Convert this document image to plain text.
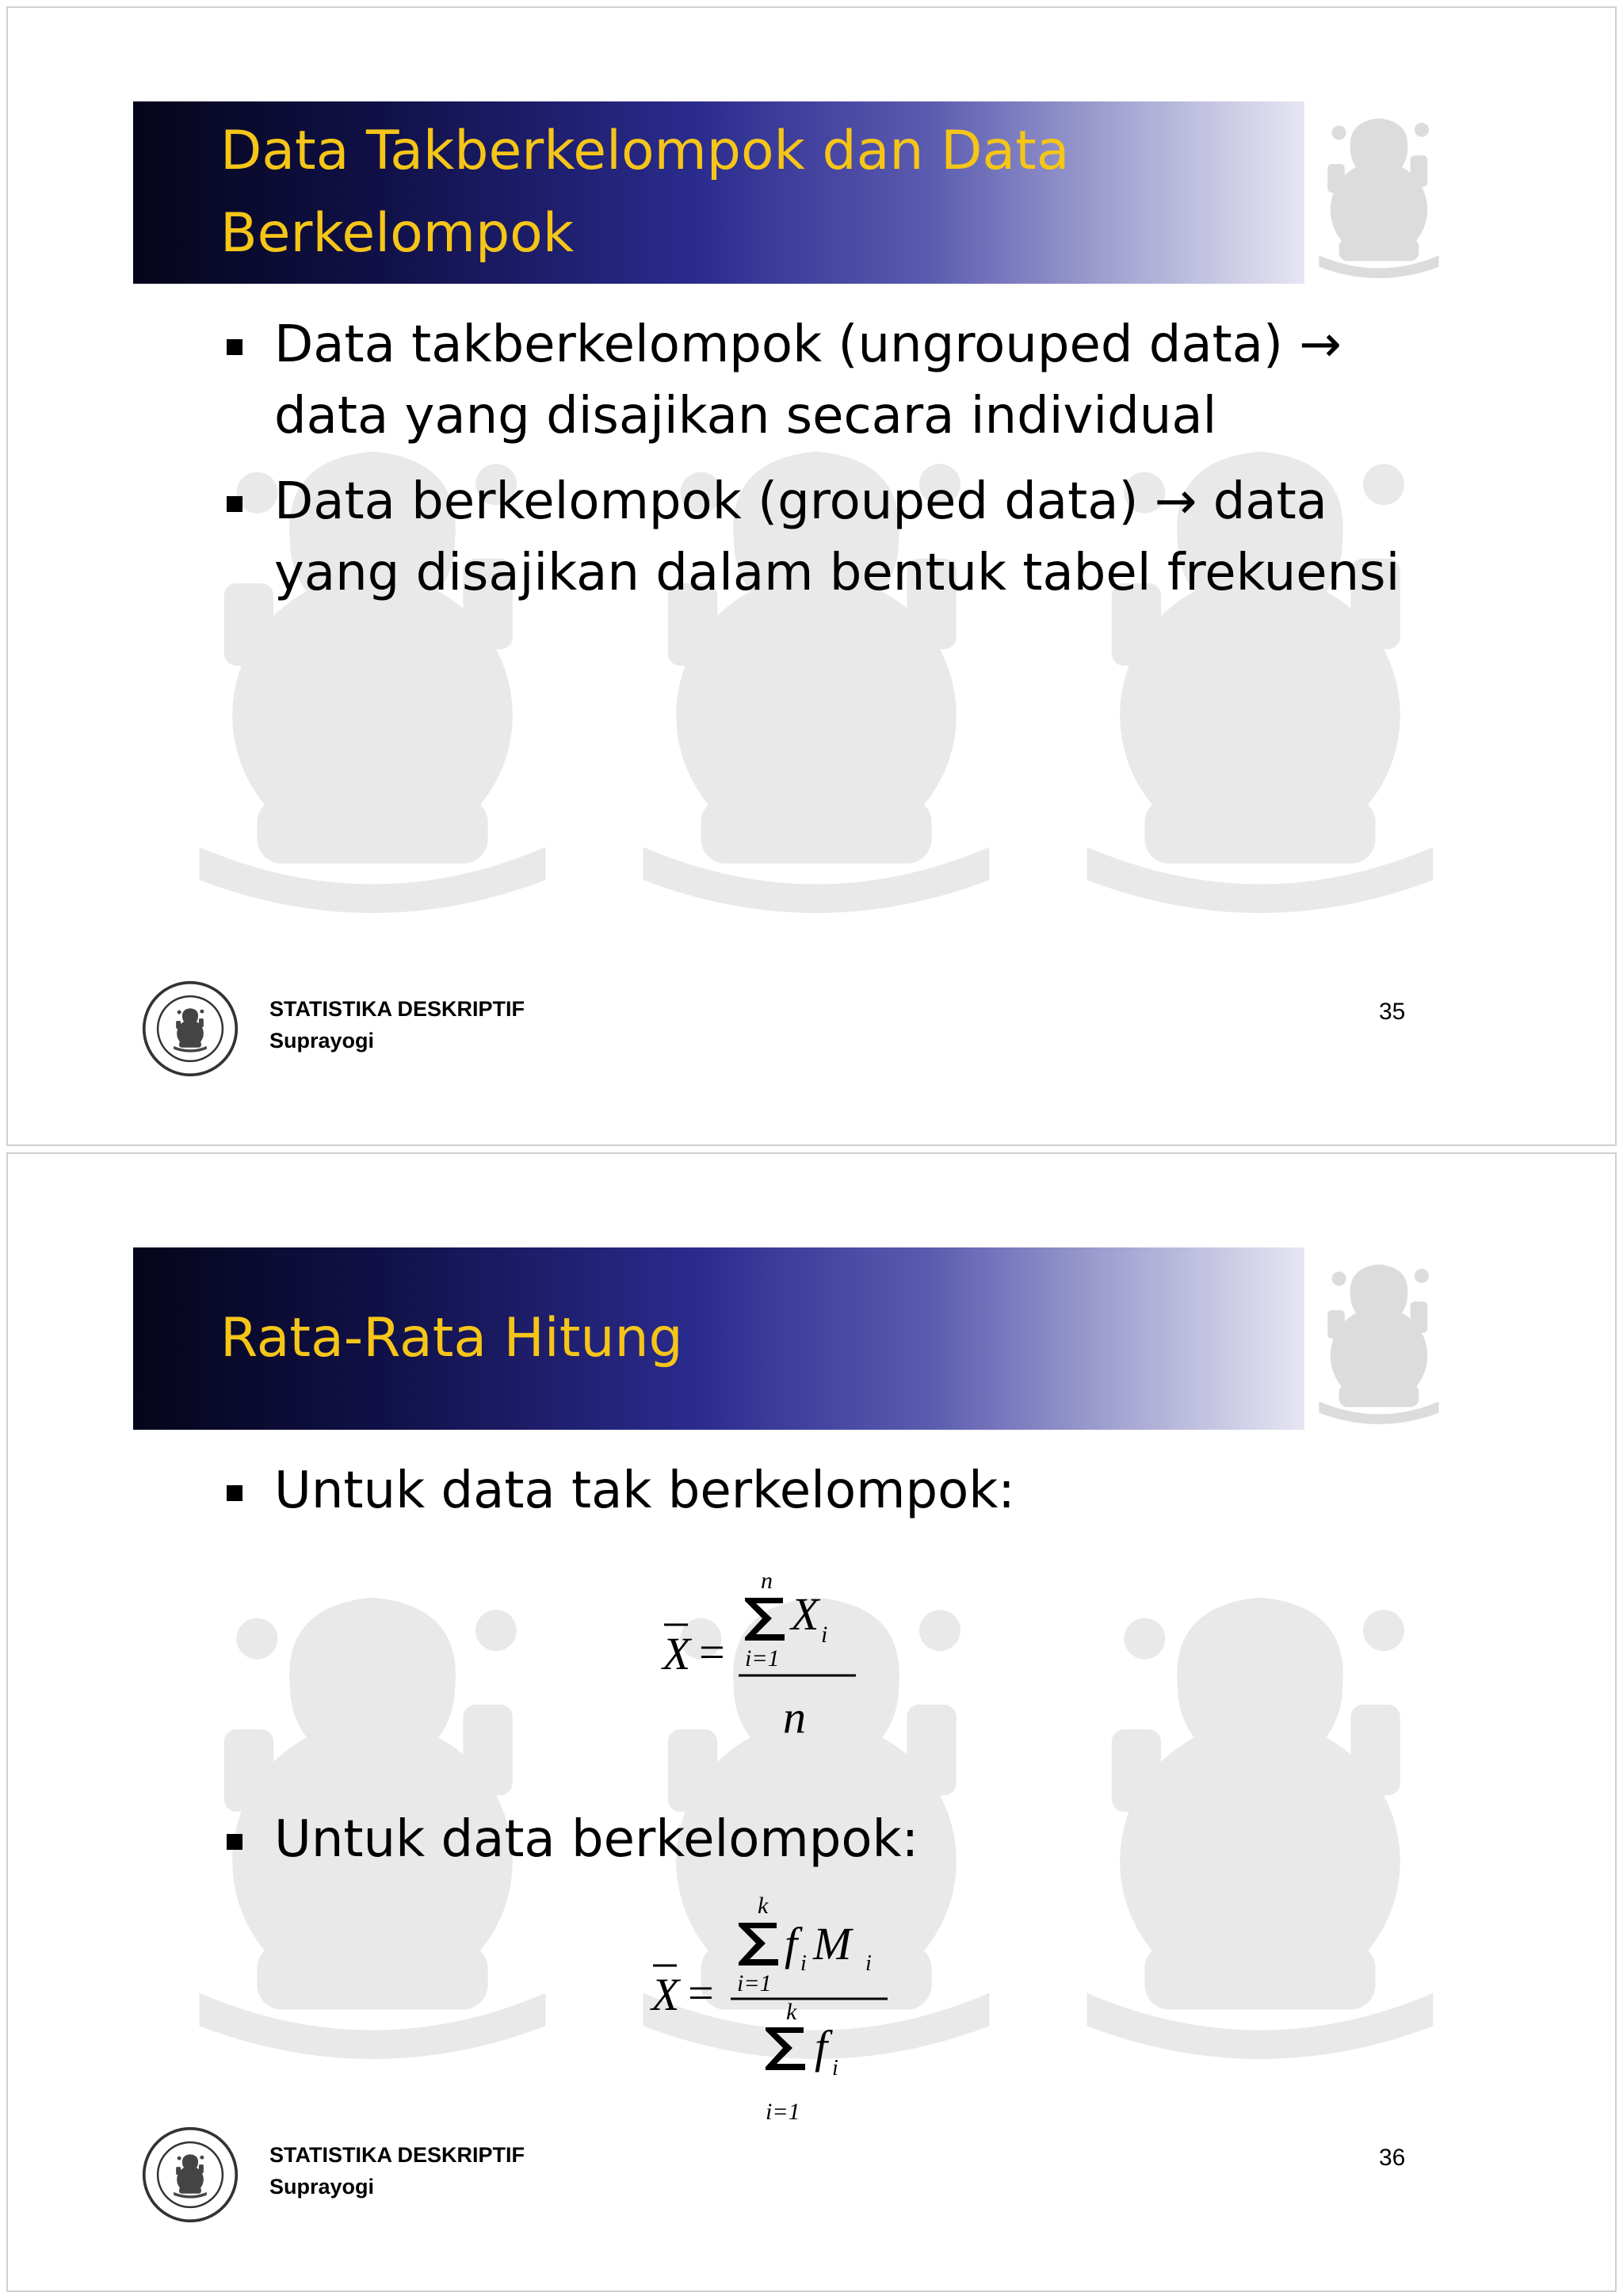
Data Takberkelompok dan Data
Berkelompok
Data takberkelompok (ungrouped data) →
data yang disajikan secara individual
Data berkelompok (grouped data) → data
yang disajikan dalam bentuk tabel frekuensi
STATISTIKA DESKRIPTIF
Suprayogi
35
Rata-Rata Hitung
Untuk data tak berkelompok:
X =
n
i=1
X i
n
Untuk data berkelompok:
X =
k
i=1
f i M i
k
i=1
f i
STATISTIKA DESKRIPTIF
Suprayogi
36
